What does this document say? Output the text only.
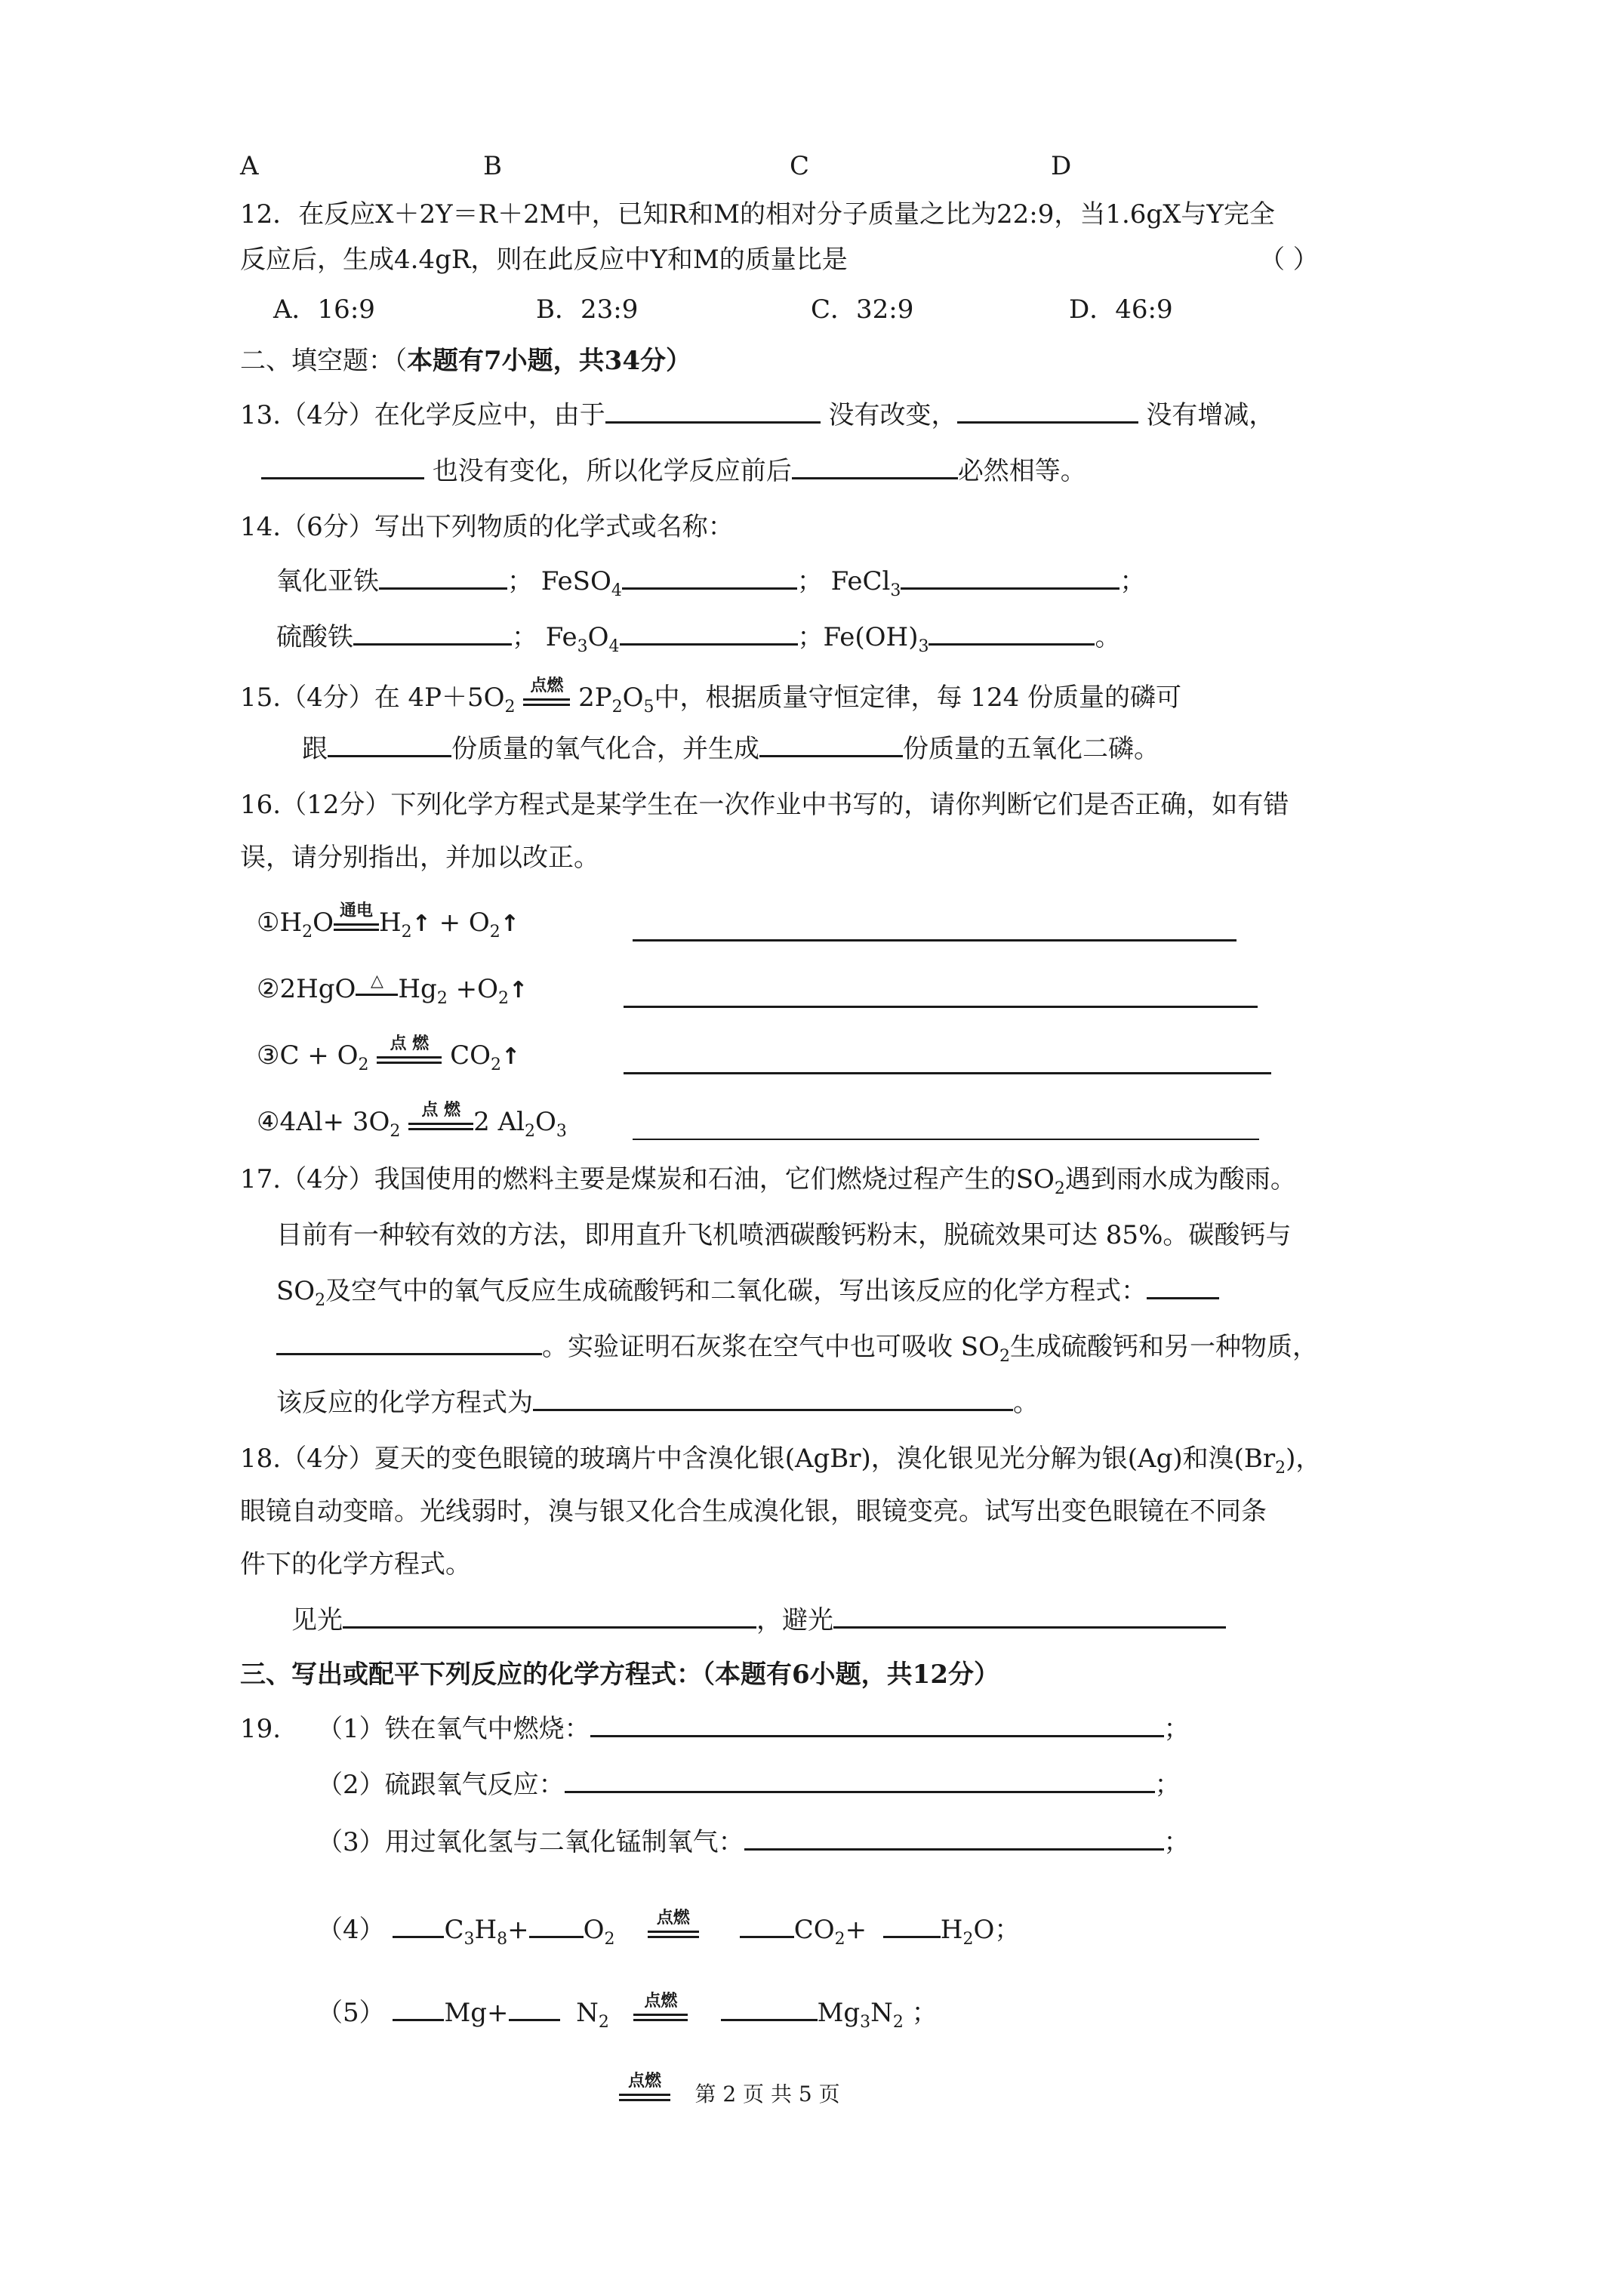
A	B	C	D
12．在反应X＋2Y＝R＋2M中，已知R和M的相对分子质量之比为22:9，当1.6gX与Y完全
反应后，生成4.4gR，则在此反应中Y和M的质量比是	（ ）
A．16:9	B．23:9	C．32:9	D．46:9
二、填空题：（本题有7小题，共34分）
13.（4分）在化学反应中，由于	没有改变，	没有增减，
也没有变化，所以化学反应前后	必然相等。
14.（6分）写出下列物质的化学式或名称：
氧化亚铁	； FeSO$_4$	； FeCl$_3$	；
硫酸铁	； $Fe_3O_4$	；$Fe(OH)_3$	。
15.（4分）在 $4P+5O_2$
点燃 $2P_2O_5$中，根据质量守恒定律，每 124 份质量的磷可
跟	份质量的氧气化合，并生成	份质量的五氧化二磷。
16.（12分）下列化学方程式是某学生在一次作业中书写的，请你判断它们是否正确，如有错
误，请分别指出，并加以改正。
$①H_2O$ 通电 $H_2↑$ + $O_2↑$
②2HgO △ $Hg_2$ $+O_2↑$
③C + $O_2$
点 燃 $CO_2↑$
④4Al+ $3O_2$
点 燃 2 $Al_2O_3$
17.（4分）我国使用的燃料主要是煤炭和石油，它们燃烧过程产生的$SO_2$遇到雨水成为酸雨。
目前有一种较有效的方法，即用直升飞机喷洒碳酸钙粉末，脱硫效果可达 85%。碳酸钙与
$SO_2$及空气中的氧气反应生成硫酸钙和二氧化碳，写出该反应的化学方程式：
。实验证明石灰浆在空气中也可吸收 $SO_2$生成硫酸钙和另一种物质，
该反应的化学方程式为	。
18.（4分）夏天的变色眼镜的玻璃片中含溴化银(AgBr)，溴化银见光分解为银(Ag)和溴$(Br_2)$，
眼镜自动变暗。光线弱时，溴与银又化合生成溴化银，眼镜变亮。试写出变色眼镜在不同条
件下的化学方程式。
见光	，避光
三、写出或配平下列反应的化学方程式：（本题有6小题，共12分）
19. （1）铁在氧气中燃烧：	；
（2）硫跟氧气反应：	；
（3）用过氧化氢与二氧化锰制氧气：	；
（4） $C_3H_8+ O_2$
点燃	$CO_2+$	$H_2O$；
（5） $Mg+ N_2$
点燃	$Mg_3N_2$ ；
点燃
第 2 页 共 5 页
